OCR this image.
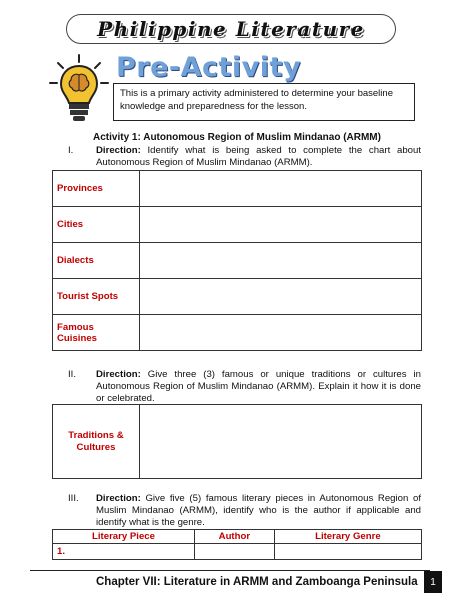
Philippine Literature
Pre-Activity
This is a primary activity administered to determine your baseline knowledge and preparedness for the lesson.
Activity 1: Autonomous Region of Muslim Mindanao (ARMM)
I. Direction: Identify what is being asked to complete the chart about Autonomous Region of Muslim Mindanao (ARMM).
Provinces	
Cities	
Dialects	
Tourist Spots	
Famous Cuisines	
II. Direction: Give three (3) famous or unique traditions or cultures in Autonomous Region of Muslim Mindanao (ARMM). Explain it how it is done or celebrated.
Traditions & Cultures	
III. Direction: Give five (5) famous literary pieces in Autonomous Region of Muslim Mindanao (ARMM), identify who is the author if applicable and identify what is the genre.
Literary Piece	Author	Literary Genre
1.		
Chapter VII: Literature in ARMM and Zamboanga Peninsula	1
